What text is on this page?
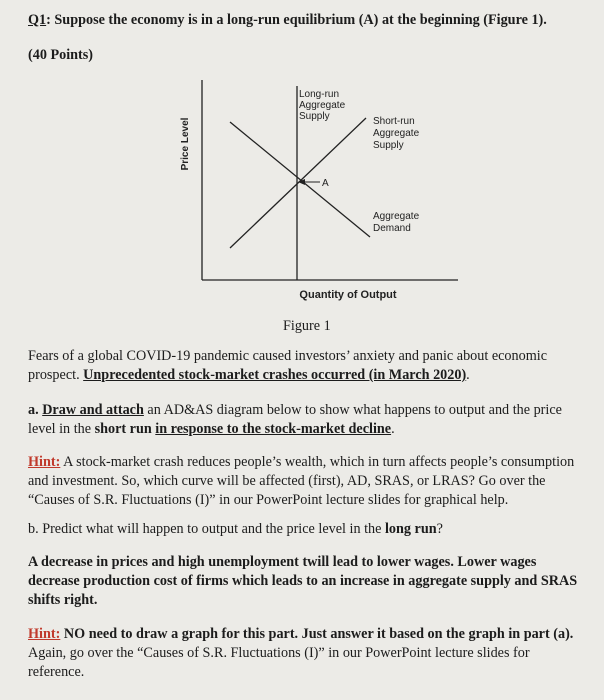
Q1: Suppose the economy is in a long-run equilibrium (A) at the beginning (Figure 1).
(40 Points)
Price Level
Quantity of Output
Long-run Aggregate Supply	Short-run Aggregate Supply
Aggregate Demand
A
Figure 1
Fears of a global COVID-19 pandemic caused investors’ anxiety and panic about economic
prospect. Unprecedented stock-market crashes occurred (in March 2020).
a. Draw and attach an AD&AS diagram below to show what happens to output and the price
level in the short run in response to the stock-market decline.
Hint: A stock-market crash reduces people’s wealth, which in turn affects people’s consumption
and investment. So, which curve will be affected (first), AD, SRAS, or LRAS? Go over the
“Causes of S.R. Fluctuations (I)” in our PowerPoint lecture slides for graphical help.
b. Predict what will happen to output and the price level in the long run?
A decrease in prices and high unemployment twill lead to lower wages. Lower wages
decrease production cost of firms which leads to an increase in aggregate supply and SRAS
shifts right.
Hint: NO need to draw a graph for this part. Just answer it based on the graph in part (a).
Again, go over the “Causes of S.R. Fluctuations (I)” in our PowerPoint lecture slides for
reference.
